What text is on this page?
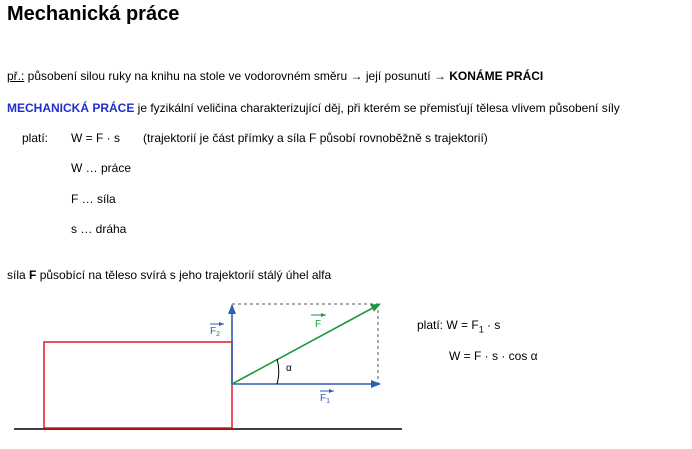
Mechanická práce
př.: působení silou ruky na knihu na stole ve vodorovném směru → její posunutí → KONÁME PRÁCI
MECHANICKÁ PRÁCE je fyzikální veličina charakterizující děj, při kterém se přemisťují tělesa vlivem působení síly
platí: W = F · s (trajektorií je část přímky a síla F působí rovnoběžně s trajektorií)
W … práce
F … síla
s … dráha
síla F působící na těleso svírá s jeho trajektorií stálý úhel alfa
α
F
$F_1$
$F_2$
platí: $W = F_1 \cdot s$
W = F · s · cos α
